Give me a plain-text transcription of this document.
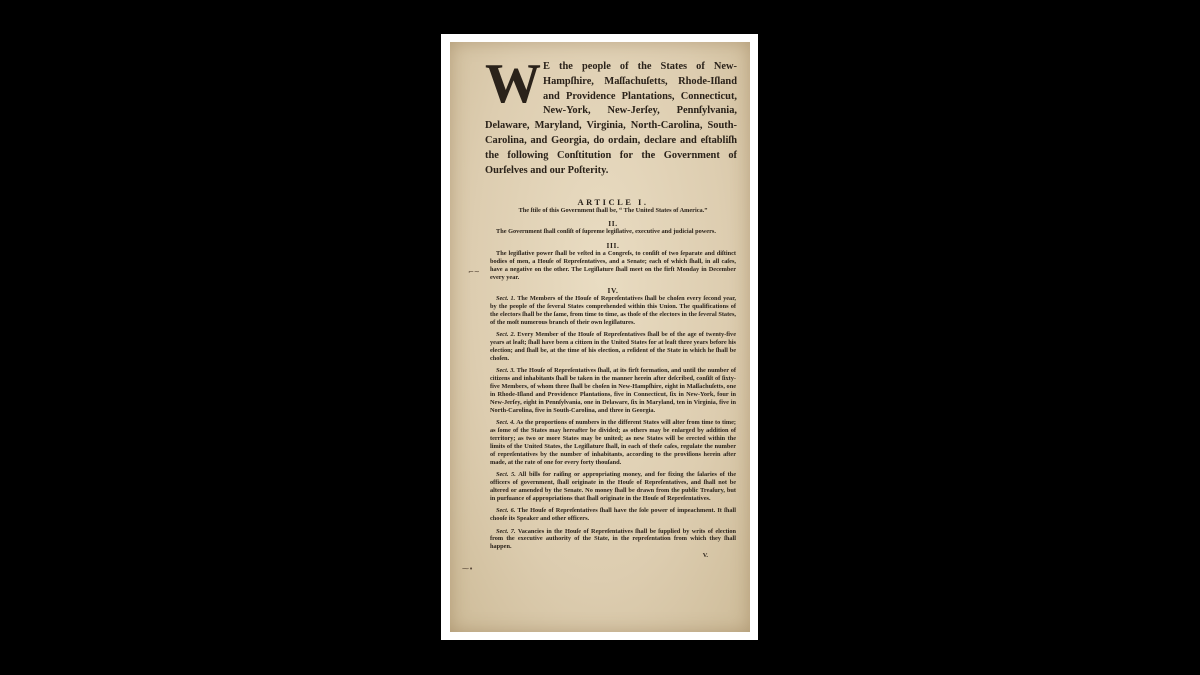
W E the people of the States of New-Hampſhire, Maſſachuſetts, Rhode-Iſland and Providence Plantations, Connecticut, New-York, New-Jerſey, Pennſylvania, Delaware, Maryland, Virginia, North-Carolina, South-Carolina, and Georgia, do ordain, declare and eſtabliſh the following Conſtitution for the Government of Ourſelves and our Poſterity.
ARTICLE I.
The ſtile of this Government ſhall be, “ The United States of America.”
II.
The Government ſhall conſiſt of ſupreme legiſlative, executive and judicial powers.
III.
The legiſlative power ſhall be veſted in a Congreſs, to conſiſt of two ſeparate and diſtinct bodies of men, a Houſe of Repreſentatives, and a Senate; each of which ſhall, in all caſes, have a negative on the other. The Legiſlature ſhall meet on the firſt Monday in December every year.
IV.
Sect. 1. The Members of the Houſe of Repreſentatives ſhall be choſen every ſecond year, by the people of the ſeveral States comprehended within this Union. The qualifications of the electors ſhall be the ſame, from time to time, as thoſe of the electors in the ſeveral States, of the moſt numerous branch of their own legiſlatures.
Sect. 2. Every Member of the Houſe of Repreſentatives ſhall be of the age of twenty-five years at leaſt; ſhall have been a citizen in the United States for at leaſt three years before his election; and ſhall be, at the time of his election, a reſident of the State in which he ſhall be choſen.
Sect. 3. The Houſe of Repreſentatives ſhall, at its firſt formation, and until the number of citizens and inhabitants ſhall be taken in the manner herein after deſcribed, conſiſt of ſixty-five Members, of whom three ſhall be choſen in New-Hampſhire, eight in Maſſachuſetts, one in Rhode-Iſland and Providence Plantations, five in Connecticut, ſix in New-York, four in New-Jerſey, eight in Pennſylvania, one in Delaware, ſix in Maryland, ten in Virginia, five in North-Carolina, five in South-Carolina, and three in Georgia.
Sect. 4. As the proportions of numbers in the different States will alter from time to time; as ſome of the States may hereafter be divided; as others may be enlarged by addition of territory; as two or more States may be united; as new States will be erected within the limits of the United States, the Legiſlature ſhall, in each of theſe caſes, regulate the number of repreſentatives by the number of inhabitants, according to the proviſions herein after made, at the rate of one for every forty thouſand.
Sect. 5. All bills for raiſing or appropriating money, and for fixing the ſalaries of the officers of government, ſhall originate in the Houſe of Repreſentatives, and ſhall not be altered or amended by the Senate. No money ſhall be drawn from the public Treaſury, but in purſuance of appropriations that ſhall originate in the Houſe of Repreſentatives.
Sect. 6. The Houſe of Repreſentatives ſhall have the ſole power of impeachment. It ſhall chooſe its Speaker and other officers.
Sect. 7. Vacancies in the Houſe of Repreſentatives ſhall be ſupplied by writs of election from the executive authority of the State, in the repreſentation from which they ſhall happen.
V.
⌐~
⁓•
